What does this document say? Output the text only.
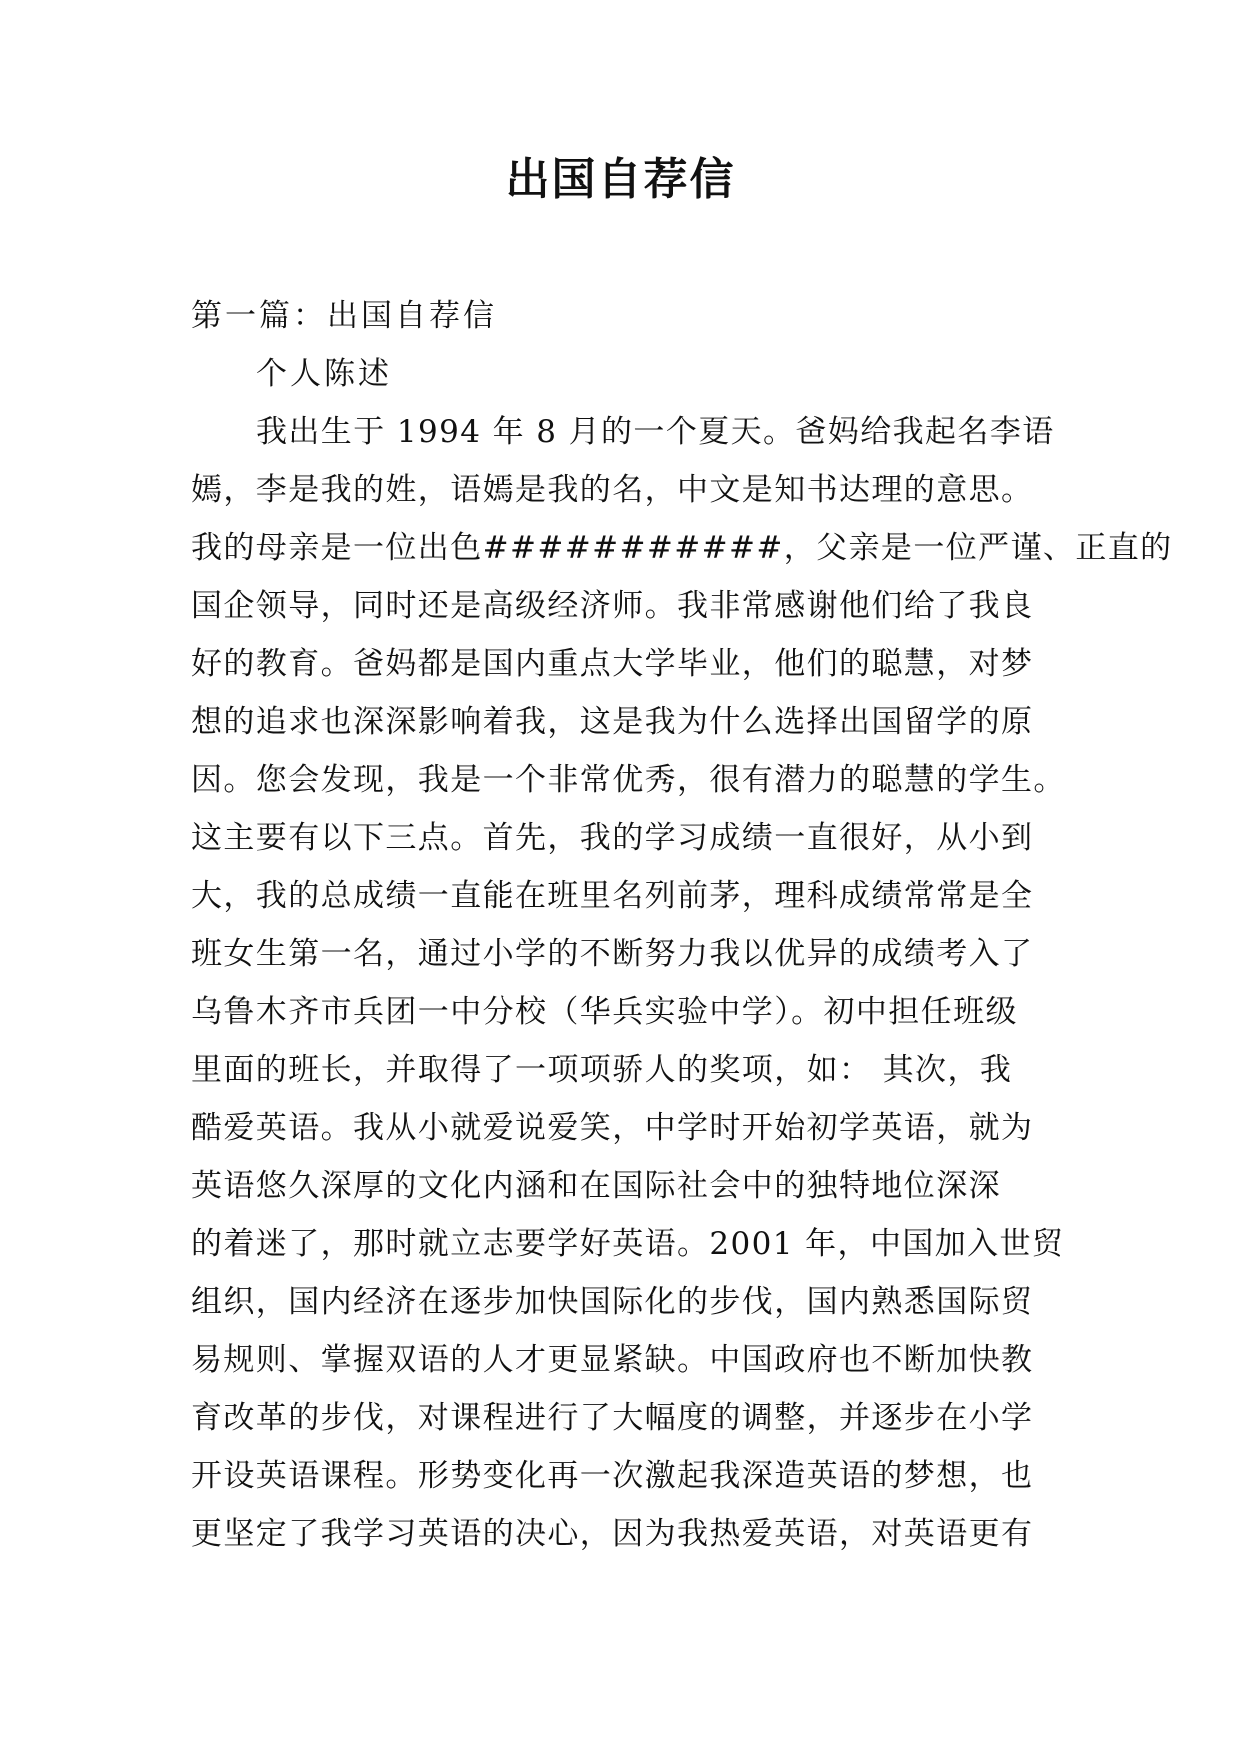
出国自荐信
第一篇：出国自荐信
个人陈述
我出生于 1994 年 8 月的一个夏天。爸妈给我起名李语
嫣，李是我的姓，语嫣是我的名，中文是知书达理的意思。
我的母亲是一位出色###########，父亲是一位严谨、正直的
国企领导，同时还是高级经济师。我非常感谢他们给了我良
好的教育。爸妈都是国内重点大学毕业，他们的聪慧，对梦
想的追求也深深影响着我，这是我为什么选择出国留学的原
因。您会发现，我是一个非常优秀，很有潜力的聪慧的学生。
这主要有以下三点。首先，我的学习成绩一直很好，从小到
大，我的总成绩一直能在班里名列前茅，理科成绩常常是全
班女生第一名，通过小学的不断努力我以优异的成绩考入了
乌鲁木齐市兵团一中分校（华兵实验中学）。初中担任班级
里面的班长，并取得了一项项骄人的奖项，如： 其次，我
酷爱英语。我从小就爱说爱笑，中学时开始初学英语，就为
英语悠久深厚的文化内涵和在国际社会中的独特地位深深
的着迷了，那时就立志要学好英语。2001 年，中国加入世贸
组织，国内经济在逐步加快国际化的步伐，国内熟悉国际贸
易规则、掌握双语的人才更显紧缺。中国政府也不断加快教
育改革的步伐，对课程进行了大幅度的调整，并逐步在小学
开设英语课程。形势变化再一次激起我深造英语的梦想，也
更坚定了我学习英语的决心，因为我热爱英语，对英语更有
